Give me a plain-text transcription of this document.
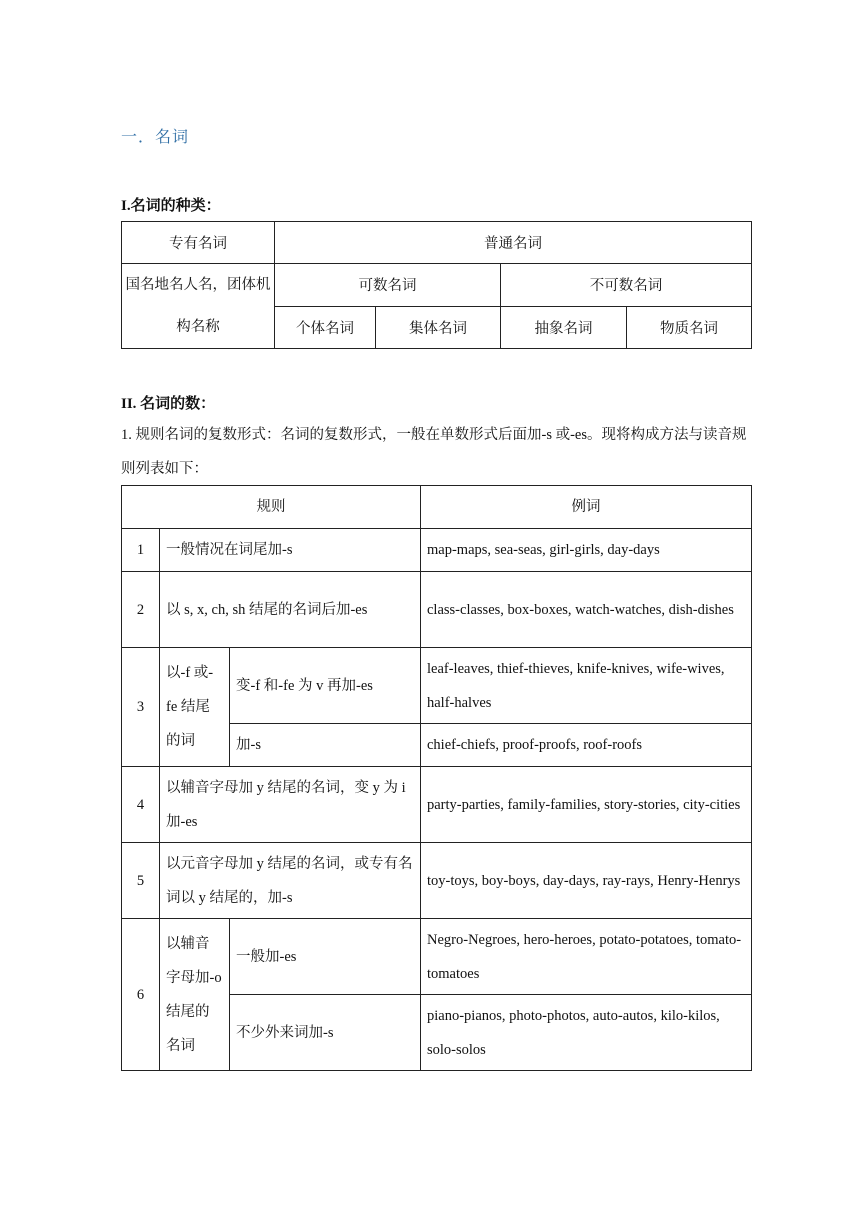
一．名词
I.名词的种类：
专有名词	普通名词			
国名地名人名，团体机构名称	可数名词		不可数名词	
	个体名词	集体名词	抽象名词	物质名词
II. 名词的数：
1. 规则名词的复数形式：名词的复数形式，一般在单数形式后面加-s 或-es。现将构成方法与读音规则列表如下：
规则			例词
1	一般情况在词尾加-s		map-maps, sea-seas, girl-girls, day-days
2	以 s, x, ch, sh 结尾的名词后加-es		class-classes, box-boxes, watch-watches, dish-dishes
3	以-f 或-fe 结尾的词	变-f 和-fe 为 v 再加-es	leaf-leaves, thief-thieves, knife-knives, wife-wives, half-halves
		加-s	chief-chiefs, proof-proofs, roof-roofs
4	以辅音字母加 y 结尾的名词，变 y 为 i 加-es		party-parties, family-families, story-stories, city-cities
5	以元音字母加 y 结尾的名词，或专有名词以 y 结尾的，加-s		toy-toys, boy-boys, day-days, ray-rays, Henry-Henrys
6	以辅音字母加-o 结尾的名词	一般加-es	Negro-Negroes, hero-heroes, potato-potatoes, tomato-tomatoes
		不少外来词加-s	piano-pianos, photo-photos, auto-autos, kilo-kilos, solo-solos
